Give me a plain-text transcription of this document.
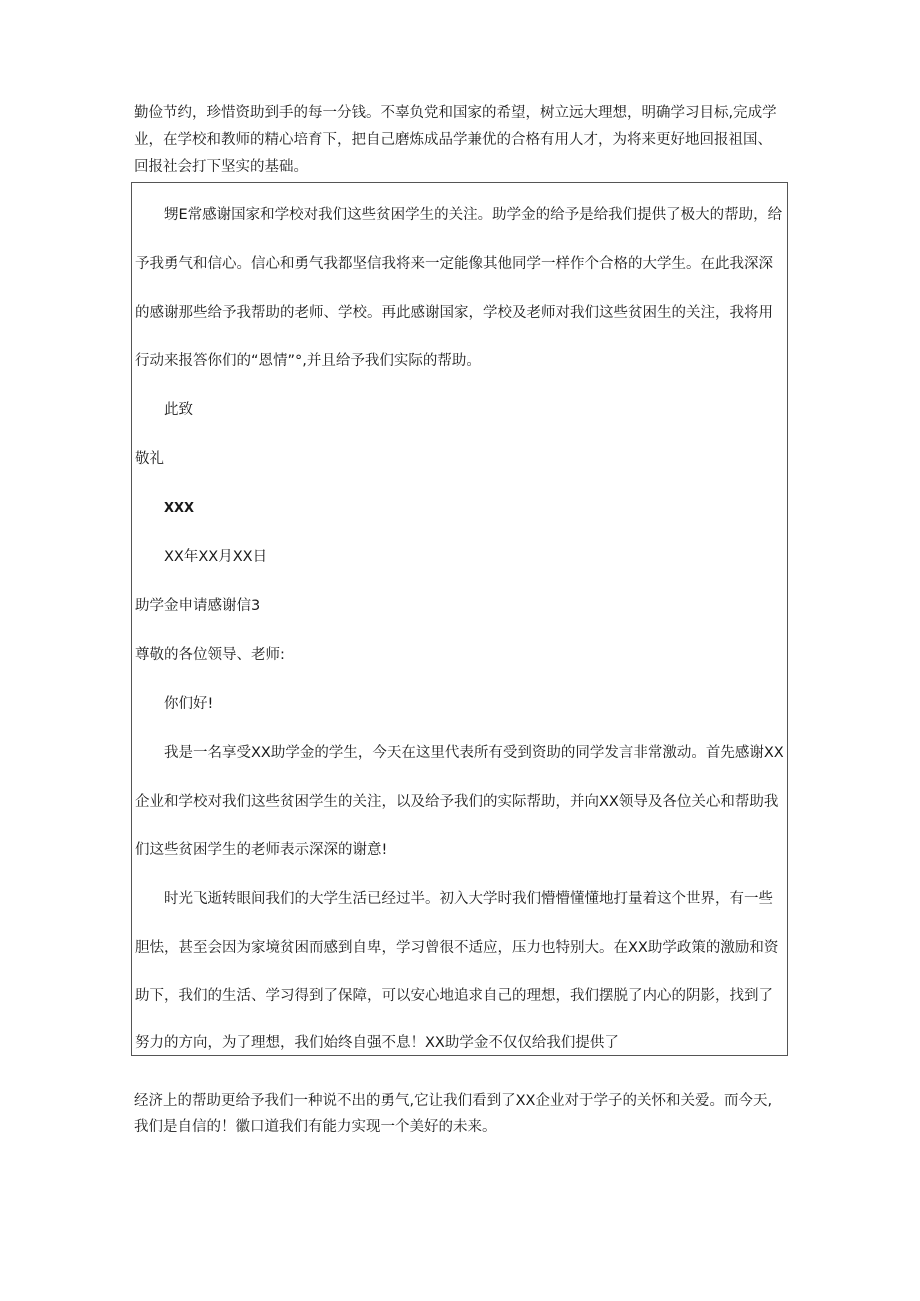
勤俭节约，珍惜资助到手的每一分钱。不辜负党和国家的希望，树立远大理想，明确学习目标,完成学
业，在学校和教师的精心培育下，把自己磨炼成品学兼优的合格有用人才，为将来更好地回报祖国、
回报社会打下坚实的基础。
甥E常感谢国家和学校对我们这些贫困学生的关注。助学金的给予是给我们提供了极大的帮助，给
予我勇气和信心。信心和勇气我都坚信我将来一定能像其他同学一样作个合格的大学生。在此我深深
的感谢那些给予我帮助的老师、学校。再此感谢国家，学校及老师对我们这些贫困生的关注，我将用
行动来报答你们的“恩情”°,并且给予我们实际的帮助。
此致
敬礼
XXX
XX年XX月XX日
助学金申请感谢信3
尊敬的各位领导、老师:
你们好!
我是一名享受XX助学金的学生，今天在这里代表所有受到资助的同学发言非常激动。首先感谢XX
企业和学校对我们这些贫困学生的关注，以及给予我们的实际帮助，并向XX领导及各位关心和帮助我
们这些贫困学生的老师表示深深的谢意!
时光飞逝转眼间我们的大学生活已经过半。初入大学时我们懵懵懂懂地打量着这个世界，有一些
胆怯，甚至会因为家境贫困而感到自卑，学习曾很不适应，压力也特别大。在XX助学政策的激励和资
助下，我们的生活、学习得到了保障，可以安心地追求自己的理想，我们摆脱了内心的阴影，找到了
努力的方向，为了理想，我们始终自强不息！XX助学金不仅仅给我们提供了
经济上的帮助更给予我们一种说不出的勇气,它让我们看到了XX企业对于学子的关怀和关爱。而今天,
我们是自信的！徽口道我们有能力实现一个美好的未来。
